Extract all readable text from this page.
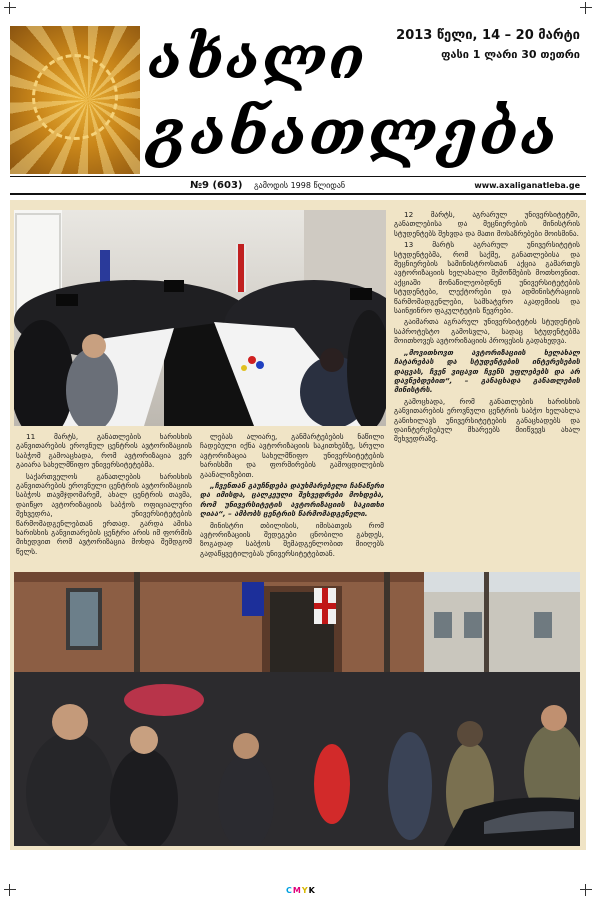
ახალი
განათლება
2013 წელი, 14 – 20 მარტი
ფასი 1 ლარი 30 თეთრი
№9 (603) გამოდის 1998 წლიდან	www.axaliganatleba.ge

12 მარტს, აგრარულ უნივერსიტეტში, განათლებისა და მეცნიერების მინისტრის სტუდენტებს შეხვდა და მათი მოსაზრებები მოისმინა.

13 მარტს აგრარულ უნივერსიტეტის სტუდენტებმა, რომ საქმე, განათლებისა და მეცნიერების სამინისტროსთან აქცია გამართეს ავტორიზაციის ხელახალი შემოწმების მოთხოვნით. აქციაში მონაწილეობდნენ უნივერსიტეტების სტუდენტები, ლექტორები და ადმინისტრაციის წარმომადგენლები, სამხატვრო აკადემიის და საინჟინრო ფაკულტეტის წევრები.

გაიმართა აგრარულ უნივერსიტეტის სტუდენტის საპროტესტო გამოსვლა, სადაც სტუდენტებმა მოითხოვეს ავტორიზაციის პროცესის გადახედვა.

„მოვითხოვთ ავტორიზაციის ხელახალ ჩატარებას და სტუდენტების ინტერესების დაცვას, ჩვენ ვიცავთ ჩვენს უფლებებს და არ დავნებდებით“, – განაცხადა განათლების მინისტრს.

გამოცხადა, რომ განათლების ხარისხის განვითარების ეროვნული ცენტრის საბჭო ხელახლა განიხილავს უნივერსიტეტების განაცხადებს და დაინტერესებულ მხარეებს მიიწვევს ახალ შეხვედრაზე.

11 მარტს, განათლების ხარისხის განვითარების ეროვნულ ცენტრის ავტორიზაციის საბჭომ გამოაცხადა, რომ ავტორიზაცია ვერ გაიარა სახელმწიფო უნივერსიტეტებმა.

საქართველოს განათლების ხარისხის განვითარების ეროვნული ცენტრის ავტორიზაციის საბჭოს თავმჯდომარემ, ახალ ცენტრის თავმა, დაიწყო ავტორიზაციის საბჭოს ოფიციალური შეხვედრა, უნივერსიტეტების წარმომადგენლებთან ერთად. გარდა ამისა ხარისხის განვითარების ცენტრი არის იმ ფორმის მიხედვით რომ ავტორიზაცია მოხდა შემდგომ წელს.

ლებას ალიარე, განმარტებების ნაწილი ჩადებული იქნა ავტორიზაციის საკითხებზე, სრული ავტორიზაცია სახელმწიფო უნივერსიტეტების ხარისხში და ფორმირების გამოცდილების გაანალიზებით.

„ჩვენთან გაუჩნდება დაუხმარებელი ჩანაწერი და იმისდა, ცალკეული შეხვედრები მოხდება, რომ უნივერსიტეტის ავტორიზაციის საკითხი ღიაა“, – ამბობს ცენტრის წარმომადგენელი.

მინისტრი თბილისის, იმისათვის რომ ავტორიზაციის შედეგები ცნობილი გახდეს, ზოგადად საბჭოს შემადგენლობით მიიღებს გადაწყვეტილებას უნივერსიტეტებთან.

CMYK
